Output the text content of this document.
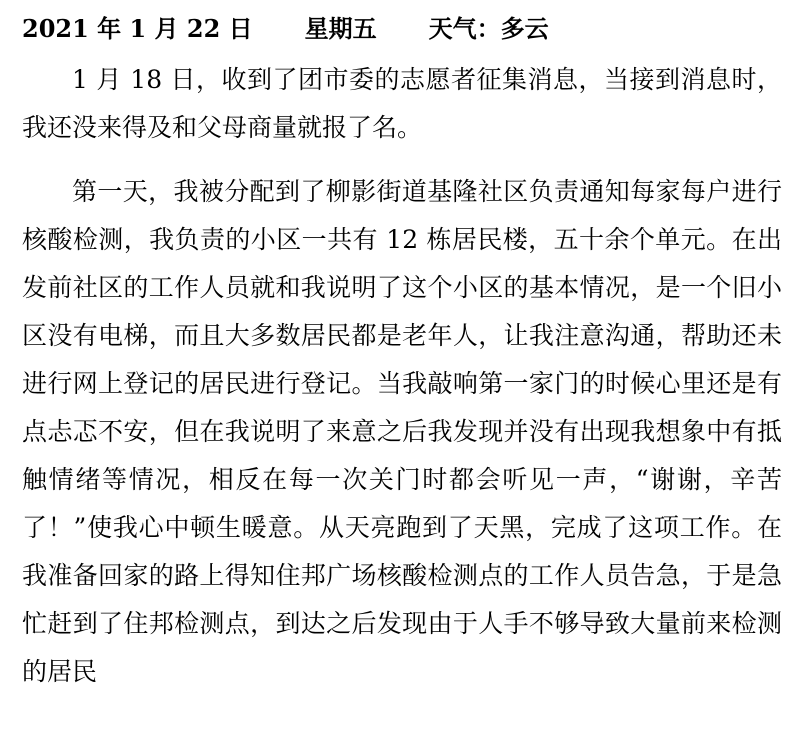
2021 年 1 月 22 日 星期五 天气：多云
1 月 18 日，收到了团市委的志愿者征集消息，当接到消息时，我还没来得及和父母商量就报了名。
第一天，我被分配到了柳影街道基隆社区负责通知每家每户进行核酸检测，我负责的小区一共有 12 栋居民楼，五十余个单元。在出发前社区的工作人员就和我说明了这个小区的基本情况，是一个旧小区没有电梯，而且大多数居民都是老年人，让我注意沟通，帮助还未进行网上登记的居民进行登记。当我敲响第一家门的时候心里还是有点忐忑不安，但在我说明了来意之后我发现并没有出现我想象中有抵触情绪等情况，相反在每一次关门时都会听见一声，“谢谢，辛苦了！”使我心中顿生暖意。从天亮跑到了天黑，完成了这项工作。在我准备回家的路上得知住邦广场核酸检测点的工作人员告急，于是急忙赶到了住邦检测点，到达之后发现由于人手不够导致大量前来检测的居民
